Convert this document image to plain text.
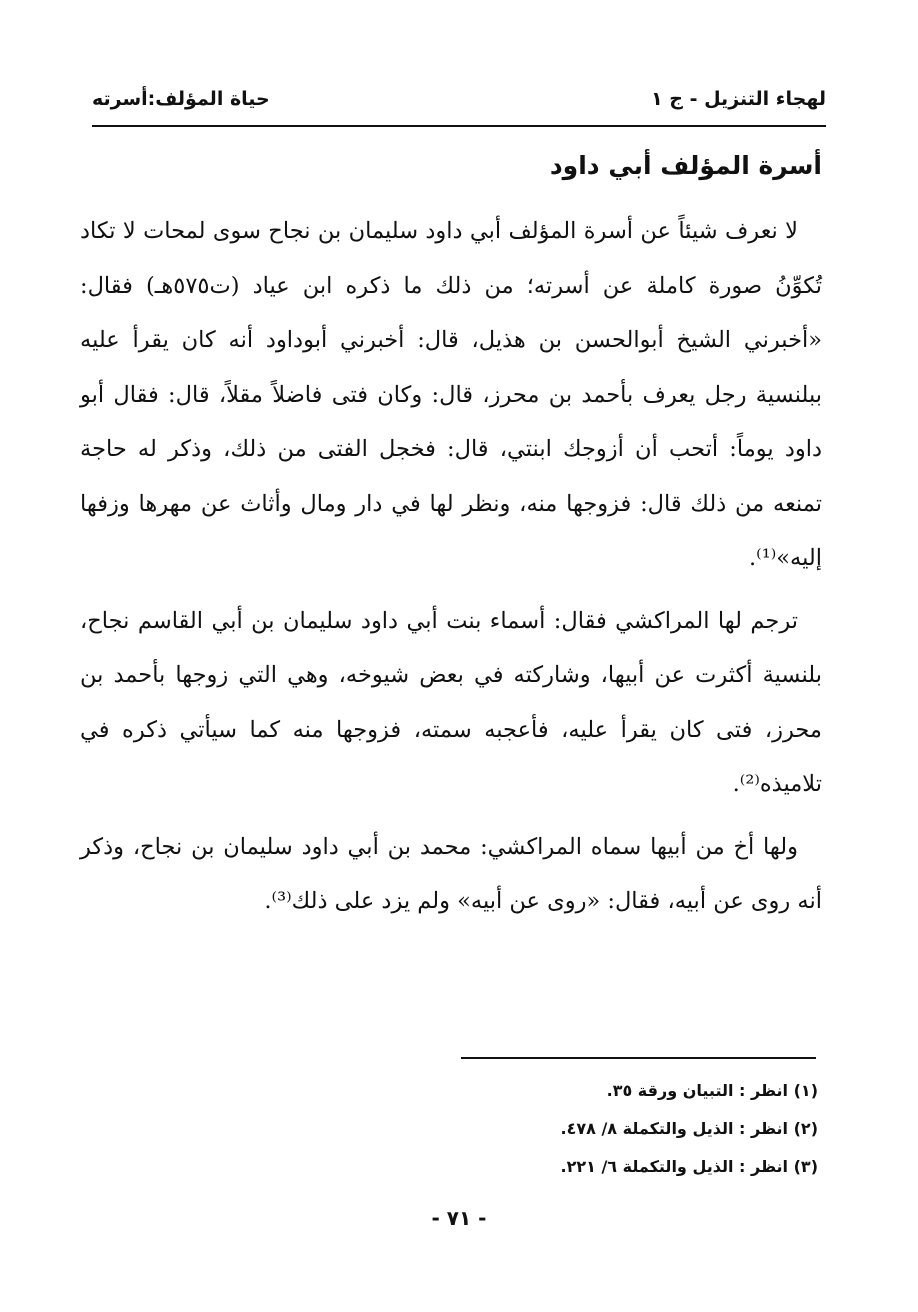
لهجاء التنزيل - ج ١
حياة المؤلف:أسرته
أسرة المؤلف أبي داود

لا نعرف شيئاً عن أسرة المؤلف أبي داود سليمان بن نجاح سوى لمحات لا تكاد تُكوِّنُ صورة كاملة عن أسرته؛ من ذلك ما ذكره ابن عياد (ت٥٧٥هـ) فقال: «أخبرني الشيخ أبوالحسن بن هذيل، قال: أخبرني أبوداود أنه كان يقرأ عليه ببلنسية رجل يعرف بأحمد بن محرز، قال: وكان فتى فاضلاً مقلاً، قال: فقال أبو داود يوماً: أتحب أن أزوجك ابنتي، قال: فخجل الفتى من ذلك، وذكر له حاجة تمنعه من ذلك قال: فزوجها منه، ونظر لها في دار ومال وأثاث عن مهرها وزفها إليه»⁽¹⁾.

ترجم لها المراكشي فقال: أسماء بنت أبي داود سليمان بن أبي القاسم نجاح، بلنسية أكثرت عن أبيها، وشاركته في بعض شيوخه، وهي التي زوجها بأحمد بن محرز، فتى كان يقرأ عليه، فأعجبه سمته، فزوجها منه كما سيأتي ذكره في تلاميذه⁽²⁾.

ولها أخ من أبيها سماه المراكشي: محمد بن أبي داود سليمان بن نجاح، وذكر أنه روى عن أبيه، فقال: «روى عن أبيه» ولم يزد على ذلك⁽³⁾.

(١) انظر : التبيان ورقة ٣٥.
(٢) انظر : الذيل والتكملة ٨/ ٤٧٨.
(٣) انظر : الذيل والتكملة ٦/ ٢٢١.
- ٧١ -
